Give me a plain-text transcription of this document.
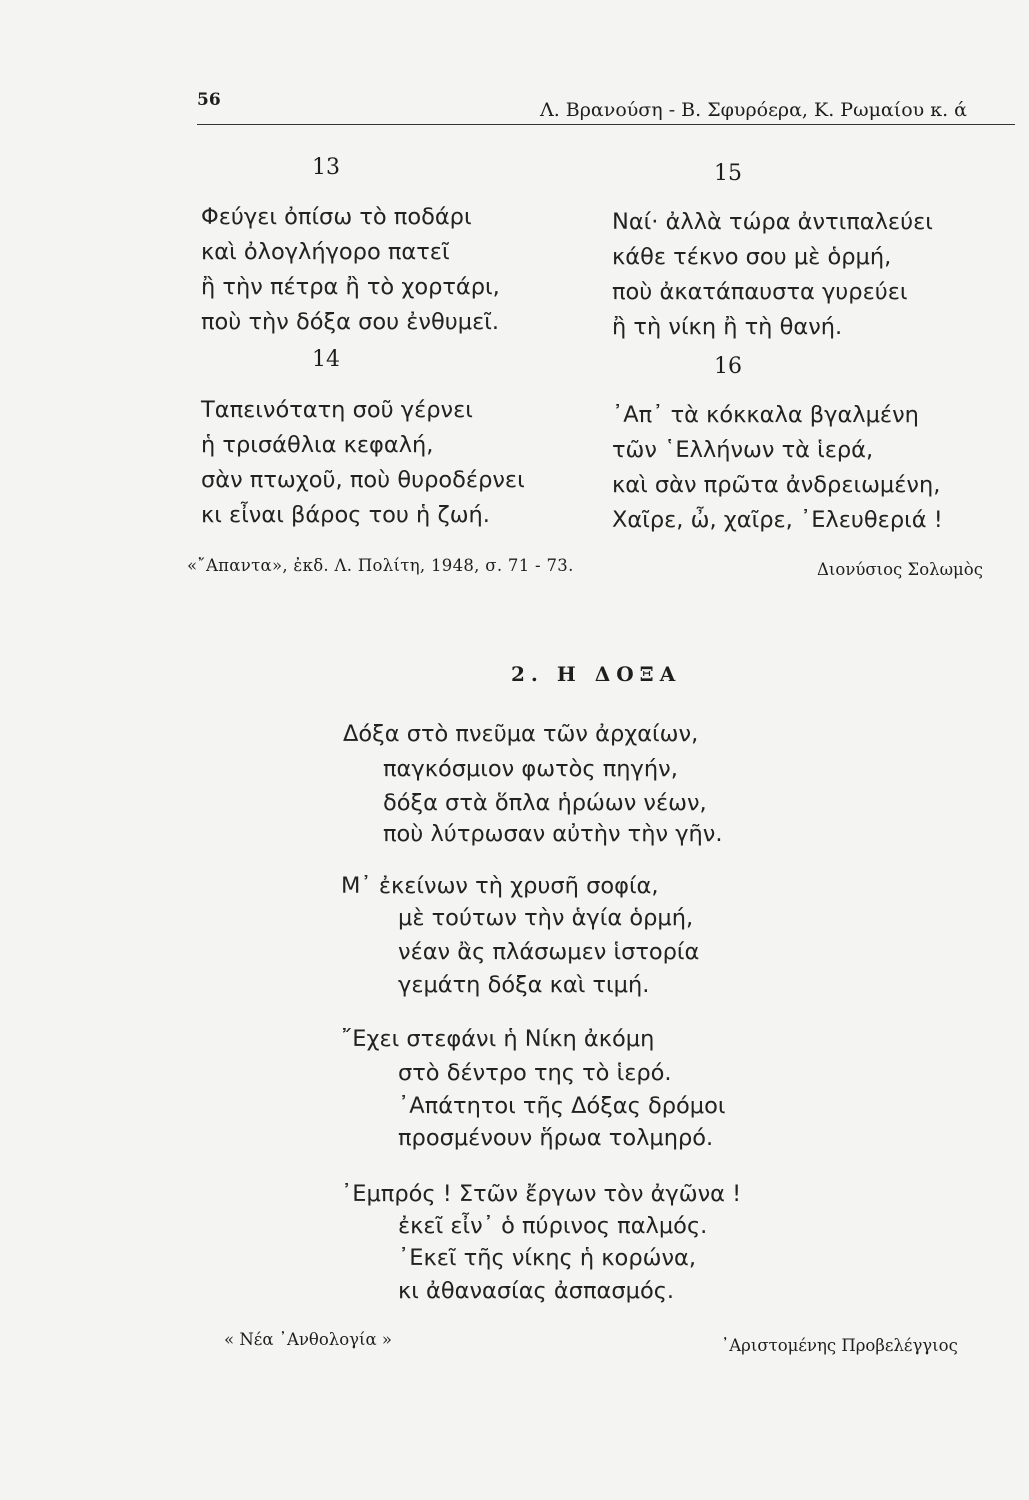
56	Λ. Βρανούση - Β. Σφυρόερα, Κ. Ρωμαίου κ. ά
13
Φεύγει ὀπίσω τὸ ποδάρι
καὶ ὀλογλήγορο πατεῖ
ἢ τὴν πέτρα ἢ τὸ χορτάρι,
ποὺ τὴν δόξα σου ἐνθυμεῖ.
14
Ταπεινότατη σοῦ γέρνει
ἡ τρισάθλια κεφαλή,
σὰν πτωχοῦ, ποὺ θυροδέρνει
κι εἶναι βάρος του ἡ ζωή.
15
Ναί· ἀλλὰ τώρα ἀντιπαλεύει
κάθε τέκνο σου μὲ ὁρμή,
ποὺ ἀκατάπαυστα γυρεύει
ἢ τὴ νίκη ἢ τὴ θανή.
16
᾿Απ᾿ τὰ κόκκαλα βγαλμένη
τῶν ῾Ελλήνων τὰ ἱερά,
καὶ σὰν πρῶτα ἀνδρειωμένη,
Χαῖρε, ὦ, χαῖρε, ᾿Ελευθεριά !
«῎Απαντα», ἐκδ. Λ. Πολίτη, 1948, σ. 71 - 73.	Διονύσιος Σολωμὸς
2. Η ΔΟΞΑ
Δόξα στὸ πνεῦμα τῶν ἀρχαίων,
παγκόσμιον φωτὸς πηγήν,
δόξα στὰ ὅπλα ἡρώων νέων,
ποὺ λύτρωσαν αὐτὴν τὴν γῆν.
Μ᾿ ἐκείνων τὴ χρυσῆ σοφία,
μὲ τούτων τὴν ἁγία ὁρμή,
νέαν ἂς πλάσωμεν ἱστορία
γεμάτη δόξα καὶ τιμή.
῎Εχει στεφάνι ἡ Νίκη ἀκόμη
στὸ δέντρο της τὸ ἱερό.
᾿Απάτητοι τῆς Δόξας δρόμοι
προσμένουν ἥρωα τολμηρό.
᾿Εμπρός ! Στῶν ἔργων τὸν ἀγῶνα !
ἐκεῖ εἶν᾿ ὁ πύρινος παλμός.
᾿Εκεῖ τῆς νίκης ἡ κορώνα,
κι ἀθανασίας ἀσπασμός.
« Νέα ᾿Ανθολογία »	᾿Αριστομένης Προβελέγγιος
